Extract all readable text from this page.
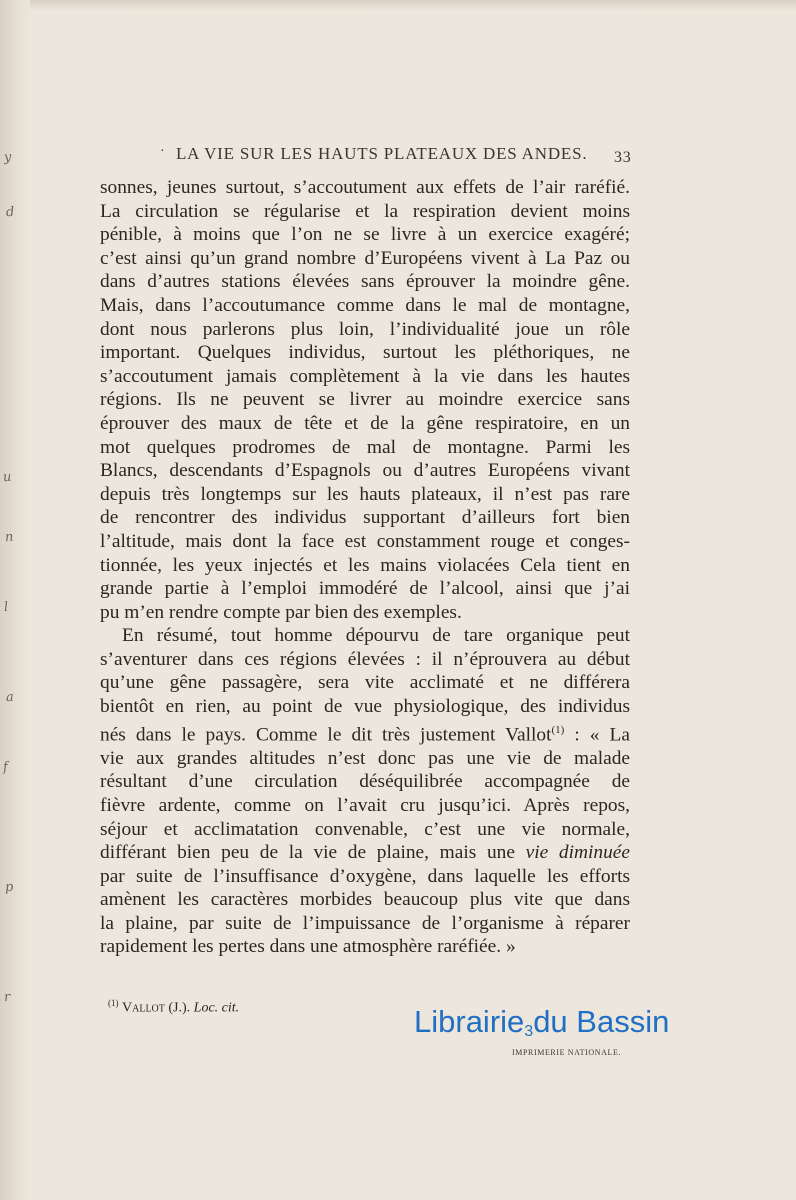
y
d
u
n
l
a
f
p
r
· LA VIE SUR LES HAUTS PLATEAUX DES ANDES. 33
sonnes, jeunes surtout, s’accoutument aux effets de l’air raréfié.
La circulation se régularise et la respiration devient moins
pénible, à moins que l’on ne se livre à un exercice exagéré;
c’est ainsi qu’un grand nombre d’Européens vivent à La Paz ou
dans d’autres stations élevées sans éprouver la moindre gêne.
Mais, dans l’accoutumance comme dans le mal de montagne,
dont nous parlerons plus loin, l’individualité joue un rôle
important. Quelques individus, surtout les pléthoriques, ne
s’accoutument jamais complètement à la vie dans les hautes
régions. Ils ne peuvent se livrer au moindre exercice sans
éprouver des maux de tête et de la gêne respiratoire, en un
mot quelques prodromes de mal de montagne. Parmi les
Blancs, descendants d’Espagnols ou d’autres Européens vivant
depuis très longtemps sur les hauts plateaux, il n’est pas rare
de rencontrer des individus supportant d’ailleurs fort bien
l’altitude, mais dont la face est constamment rouge et conges-
tionnée, les yeux injectés et les mains violacées Cela tient en
grande partie à l’emploi immodéré de l’alcool, ainsi que j’ai
pu m’en rendre compte par bien des exemples.
En résumé, tout homme dépourvu de tare organique peut
s’aventurer dans ces régions élevées : il n’éprouvera au début
qu’une gêne passagère, sera vite acclimaté et ne différera
bientôt en rien, au point de vue physiologique, des individus
nés dans le pays. Comme le dit très justement Vallot$^{(1)}$ : « La
vie aux grandes altitudes n’est donc pas une vie de malade
résultant d’une circulation déséquilibrée accompagnée de
fièvre ardente, comme on l’avait cru jusqu’ici. Après repos,
séjour et acclimatation convenable, c’est une vie normale,
différant bien peu de la vie de plaine, mais une vie diminuée
par suite de l’insuffisance d’oxygène, dans laquelle les efforts
amènent les caractères morbides beaucoup plus vite que dans
la plaine, par suite de l’impuissance de l’organisme à réparer
rapidement les pertes dans une atmosphère raréfiée. »
$^{(1)}$ Vallot (J.). Loc. cit.	Librairie3du Bassin
IMPRIMERIE NATIONALE.
